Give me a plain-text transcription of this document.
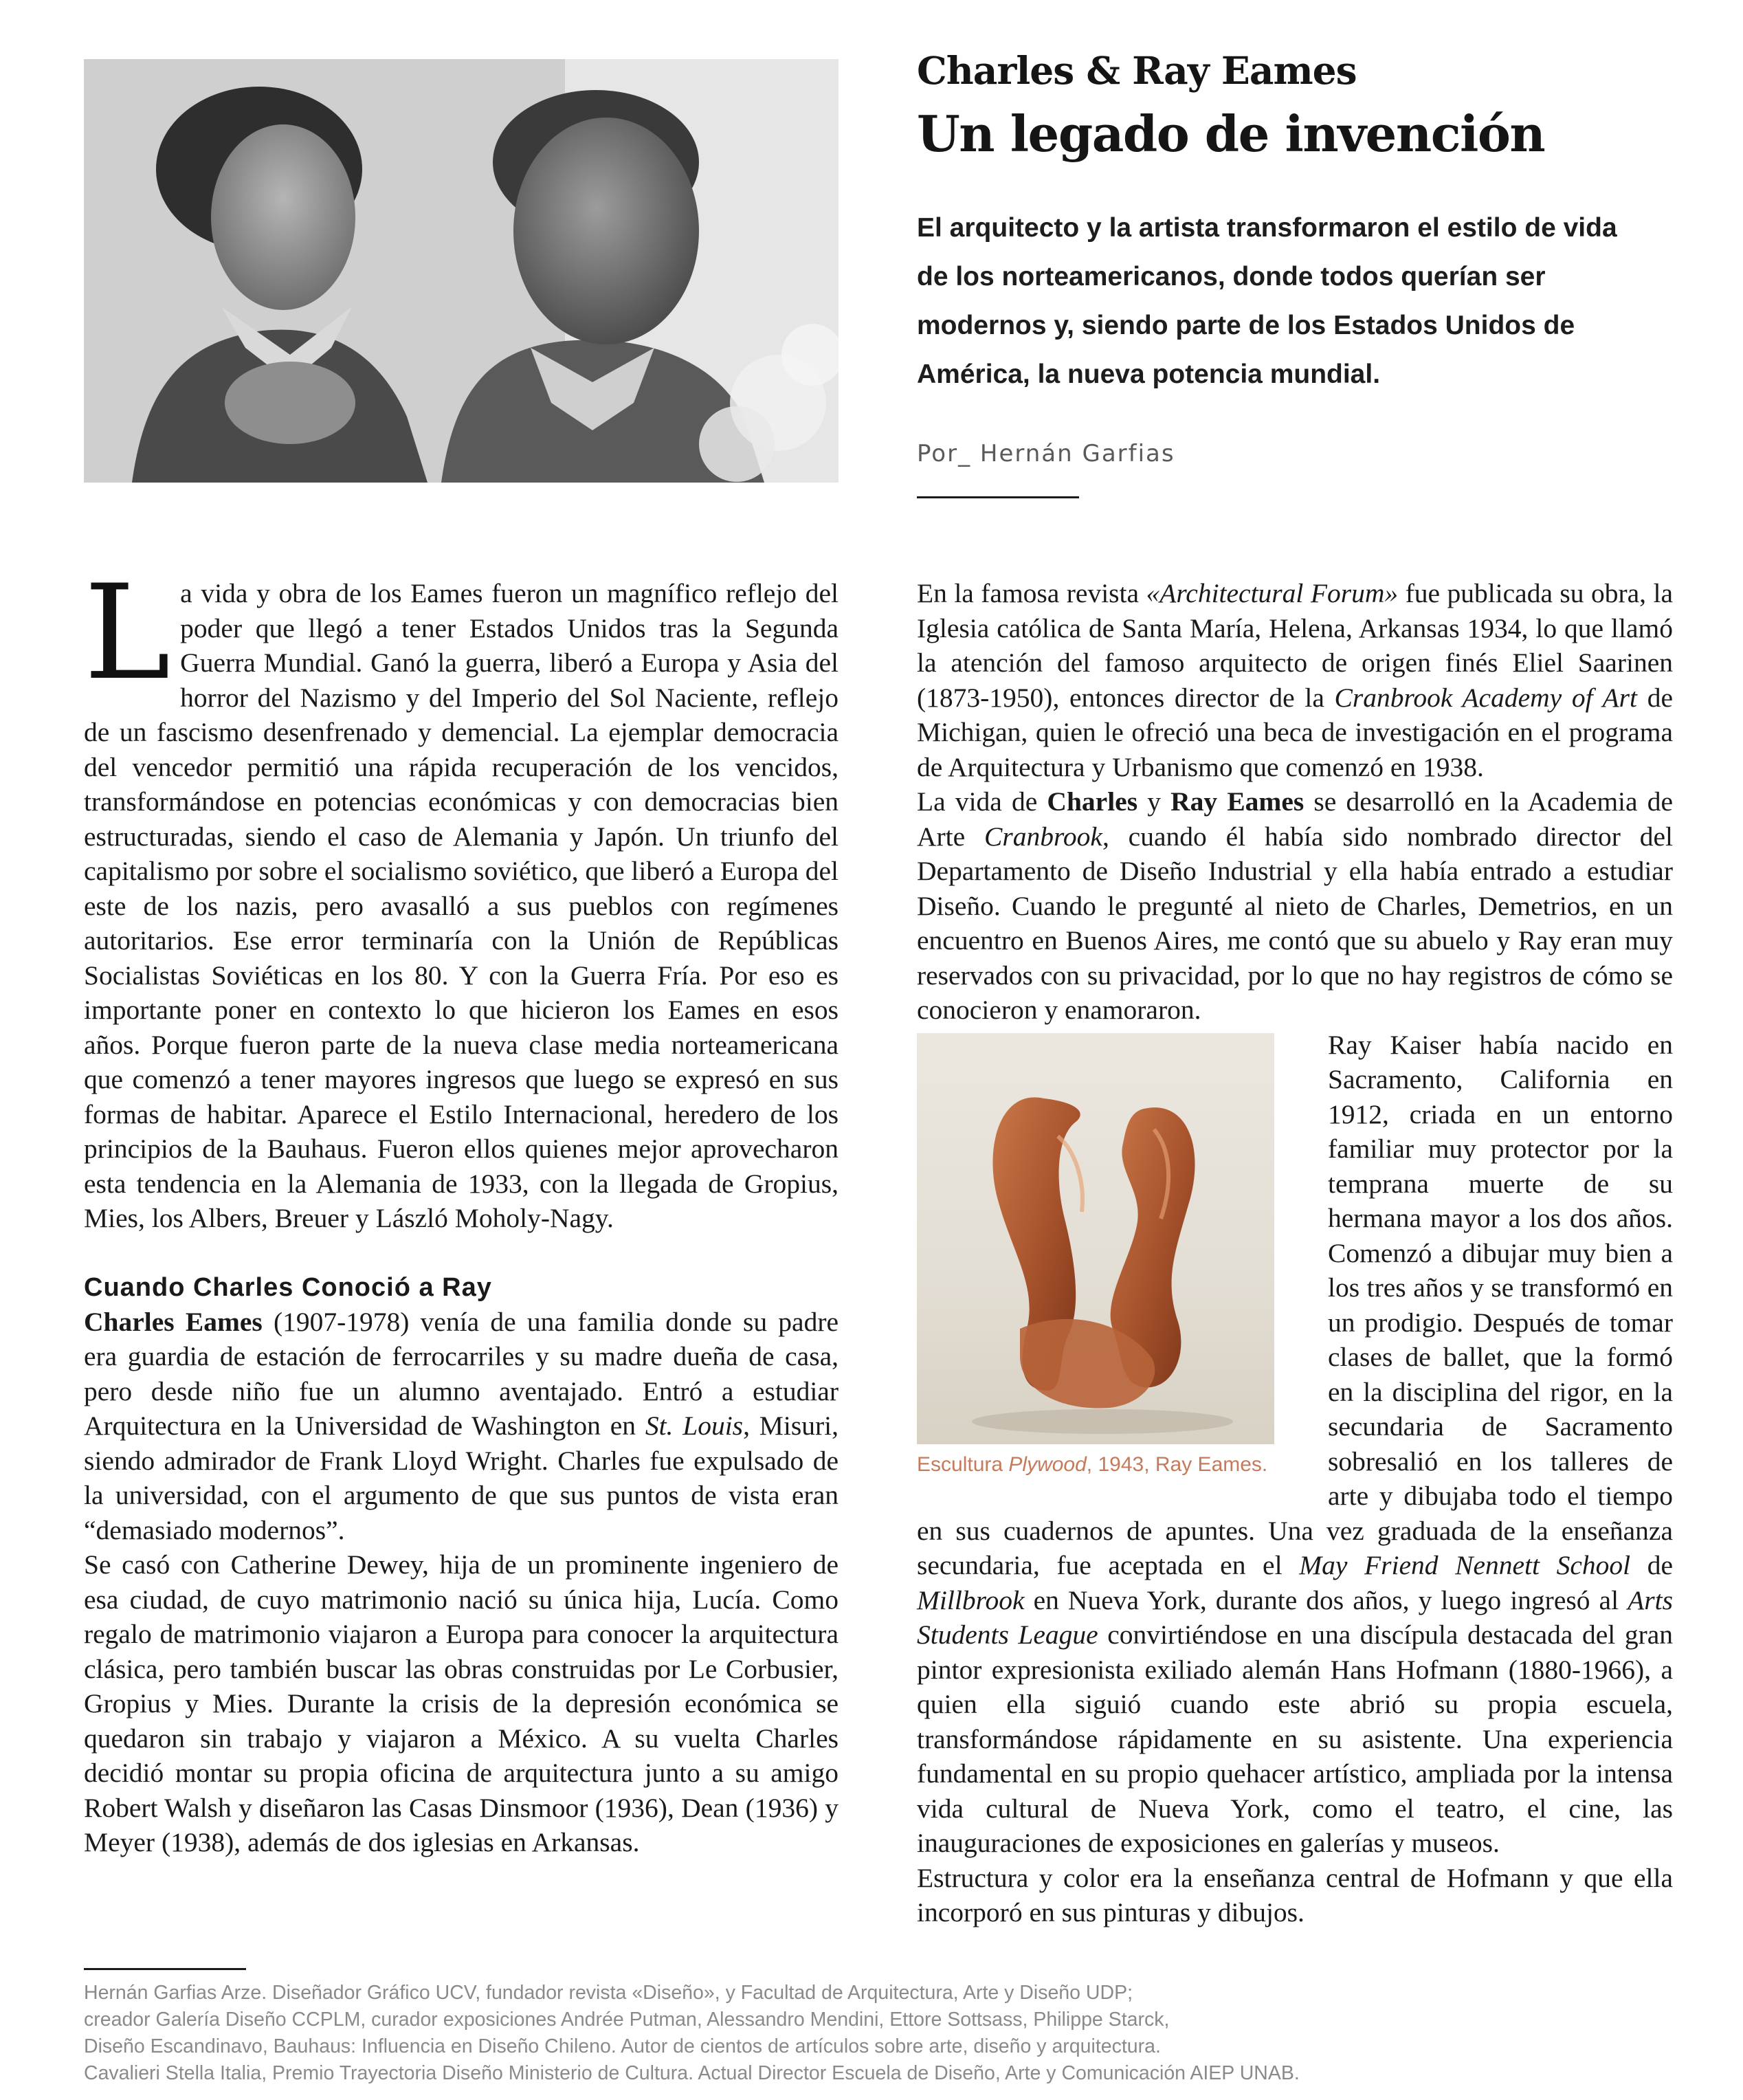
Charles & Ray Eames
Un legado de invención
El arquitecto y la artista transformaron el estilo de vida de los norteamericanos, donde todos querían ser modernos y, siendo parte de los Estados Unidos de América, la nueva potencia mundial.
Por_ Hernán Garfias

La vida y obra de los Eames fueron un magnífico reflejo del poder que llegó a tener Estados Unidos tras la Segunda Guerra Mundial. Ganó la guerra, liberó a Europa y Asia del horror del Nazismo y del Imperio del Sol Naciente, reflejo de un fascismo desenfrenado y demencial. La ejemplar democracia del vencedor permitió una rápida recuperación de los vencidos, transformándose en potencias económicas y con democracias bien estructuradas, siendo el caso de Alemania y Japón. Un triunfo del capitalismo por sobre el socialismo soviético, que liberó a Europa del este de los nazis, pero avasalló a sus pueblos con regímenes autoritarios. Ese error terminaría con la Unión de Repúblicas Socialistas Soviéticas en los 80. Y con la Guerra Fría. Por eso es importante poner en contexto lo que hicieron los Eames en esos años. Porque fueron parte de la nueva clase media norteamericana que comenzó a tener mayores ingresos que luego se expresó en sus formas de habitar. Aparece el Estilo Internacional, heredero de los principios de la Bauhaus. Fueron ellos quienes mejor aprovecharon esta tendencia en la Alemania de 1933, con la llegada de Gropius, Mies, los Albers, Breuer y László Moholy-Nagy.

Cuando Charles Conoció a Ray

Charles Eames (1907-1978) venía de una familia donde su padre era guardia de estación de ferrocarriles y su madre dueña de casa, pero desde niño fue un alumno aventajado. Entró a estudiar Arquitectura en la Universidad de Washington en St. Louis, Misuri, siendo admirador de Frank Lloyd Wright. Charles fue expulsado de la universidad, con el argumento de que sus puntos de vista eran “demasiado modernos”.

Se casó con Catherine Dewey, hija de un prominente ingeniero de esa ciudad, de cuyo matrimonio nació su única hija, Lucía. Como regalo de matrimonio viajaron a Europa para conocer la arquitectura clásica, pero también buscar las obras construidas por Le Corbusier, Gropius y Mies. Durante la crisis de la depresión económica se quedaron sin trabajo y viajaron a México. A su vuelta Charles decidió montar su propia oficina de arquitectura junto a su amigo Robert Walsh y diseñaron las Casas Dinsmoor (1936), Dean (1936) y Meyer (1938), además de dos iglesias en Arkansas.

En la famosa revista «Architectural Forum» fue publicada su obra, la Iglesia católica de Santa María, Helena, Arkansas 1934, lo que llamó la atención del famoso arquitecto de origen finés Eliel Saarinen (1873-1950), entonces director de la Cranbrook Academy of Art de Michigan, quien le ofreció una beca de investigación en el programa de Arquitectura y Urbanismo que comenzó en 1938.

La vida de Charles y Ray Eames se desarrolló en la Academia de Arte Cranbrook, cuando él había sido nombrado director del Departamento de Diseño Industrial y ella había entrado a estudiar Diseño. Cuando le pregunté al nieto de Charles, Demetrios, en un encuentro en Buenos Aires, me contó que su abuelo y Ray eran muy reservados con su privacidad, por lo que no hay registros de cómo se conocieron y enamoraron.

Escultura Plywood, 1943, Ray Eames.

Ray Kaiser había nacido en Sacramento, California en 1912, criada en un entorno familiar muy protector por la temprana muerte de su hermana mayor a los dos años. Comenzó a dibujar muy bien a los tres años y se transformó en un prodigio. Después de tomar clases de ballet, que la formó en la disciplina del rigor, en la secundaria de Sacramento sobresalió en los talleres de arte y dibujaba todo el tiempo en sus cuadernos de apuntes. Una vez graduada de la enseñanza secundaria, fue aceptada en el May Friend Nennett School de Millbrook en Nueva York, durante dos años, y luego ingresó al Arts Students League convirtiéndose en una discípula destacada del gran pintor expresionista exiliado alemán Hans Hofmann (1880-1966), a quien ella siguió cuando este abrió su propia escuela, transformándose rápidamente en su asistente. Una experiencia fundamental en su propio quehacer artístico, ampliada por la intensa vida cultural de Nueva York, como el teatro, el cine, las inauguraciones de exposiciones en galerías y museos.

Estructura y color era la enseñanza central de Hofmann y que ella incorporó en sus pinturas y dibujos.

Hernán Garfias Arze. Diseñador Gráfico UCV, fundador revista «Diseño», y Facultad de Arquitectura, Arte y Diseño UDP;
creador Galería Diseño CCPLM, curador exposiciones Andrée Putman, Alessandro Mendini, Ettore Sottsass, Philippe Starck,
Diseño Escandinavo, Bauhaus: Influencia en Diseño Chileno. Autor de cientos de artículos sobre arte, diseño y arquitectura.
Cavalieri Stella Italia, Premio Trayectoria Diseño Ministerio de Cultura. Actual Director Escuela de Diseño, Arte y Comunicación AIEP UNAB.
